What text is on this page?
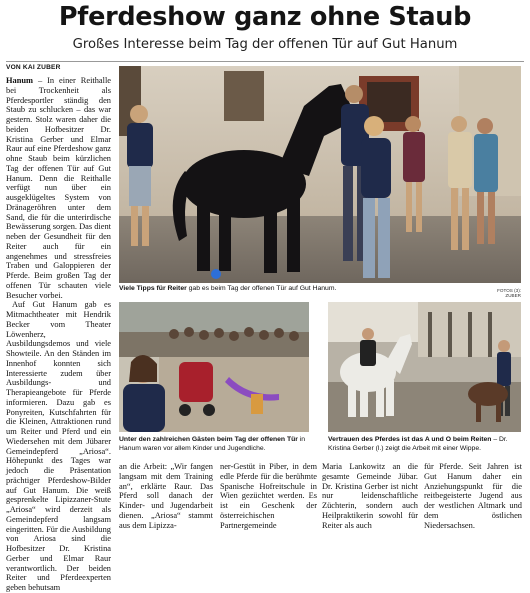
Pferdeshow ganz ohne Staub
Großes Interesse beim Tag der offenen Tür auf Gut Hanum
VON KAI ZUBER

Hanum – In einer Reithalle bei Trockenheit als Pferdesportler ständig den Staub zu schlucken – das war gestern. Stolz waren daher die beiden Hofbesitzer Dr. Kristina Gerber und Elmar Raur auf eine Pferdeshow ganz ohne Staub beim kürzlichen Tag der offenen Tür auf Gut Hanum. Denn die Reithalle verfügt nun über ein ausgeklügeltes System von Dränageröhren unter dem Sand, die für die unterirdische Bewässerung sorgen. Das dient neben der Gesundheit für den Reiter auch für ein angenehmes und stressfreies Traben und Galoppieren der Pferde. Beim großen Tag der offenen Tür schauten viele Besucher vorbei.

Auf Gut Hanum gab es Mitmachtheater mit Hendrik Becker vom Theater Löwenherz, Ausbildungsdemos und viele Showteile. An den Ständen im Innenhof konnten sich Interessierte zudem über Ausbildungs- und Therapieangebote für Pferde informieren. Dazu gab es Ponyreiten, Kutschfahrten für die Kleinen, Attraktionen rund um Reiter und Pferd und ein Wiedersehen mit dem Jübarer Gemeindepferd „Ariosa“. Höhepunkt des Tages war jedoch die Präsentation prächtiger Pferdeshow-Bilder auf Gut Hanum. Die weiß gesprenkelte Lipizzaner-Stute „Ariosa“ wird derzeit als Gemeindepferd langsam eingeritten. Für die Ausbildung von Ariosa sind die Hofbesitzer Dr. Kristina Gerber und Elmar Raur verantwortlich. Der beiden Reiter und Pferdeexperten geben behutsam

Viele Tipps für Reiter gab es beim Tag der offenen Tür auf Gut Hanum.	FOTOS (3): ZUBER
Unter den zahlreichen Gästen beim Tag der offenen Tür in Hanum waren vor allem Kinder und Jugendliche.
Vertrauen des Pferdes ist das A und O beim Reiten – Dr. Kristina Gerber (l.) zeigt die Arbeit mit einer Wippe.
an die Arbeit: „Wir fangen langsam mit dem Training an“, erklärte Raur. Das Pferd soll danach der Kinder- und Jugendarbeit dienen. „Ariosa“ stammt aus dem Lipizza-
ner-Gestüt in Piber, in dem edle Pferde für die berühmte Spanische Hofreitschule in Wien gezüchtet werden. Es ist ein Geschenk der österreichischen Partnergemeinde
Maria Lankowitz an die gesamte Gemeinde Jübar. Dr. Kristina Gerber ist nicht nur leidenschaftliche Züchterin, sondern auch Heilpraktikerin sowohl für Reiter als auch
für Pferde. Seit Jahren ist Gut Hanum daher ein Anziehungspunkt für die reitbegeisterte Jugend aus der westlichen Altmark und dem östlichen Niedersachsen.
